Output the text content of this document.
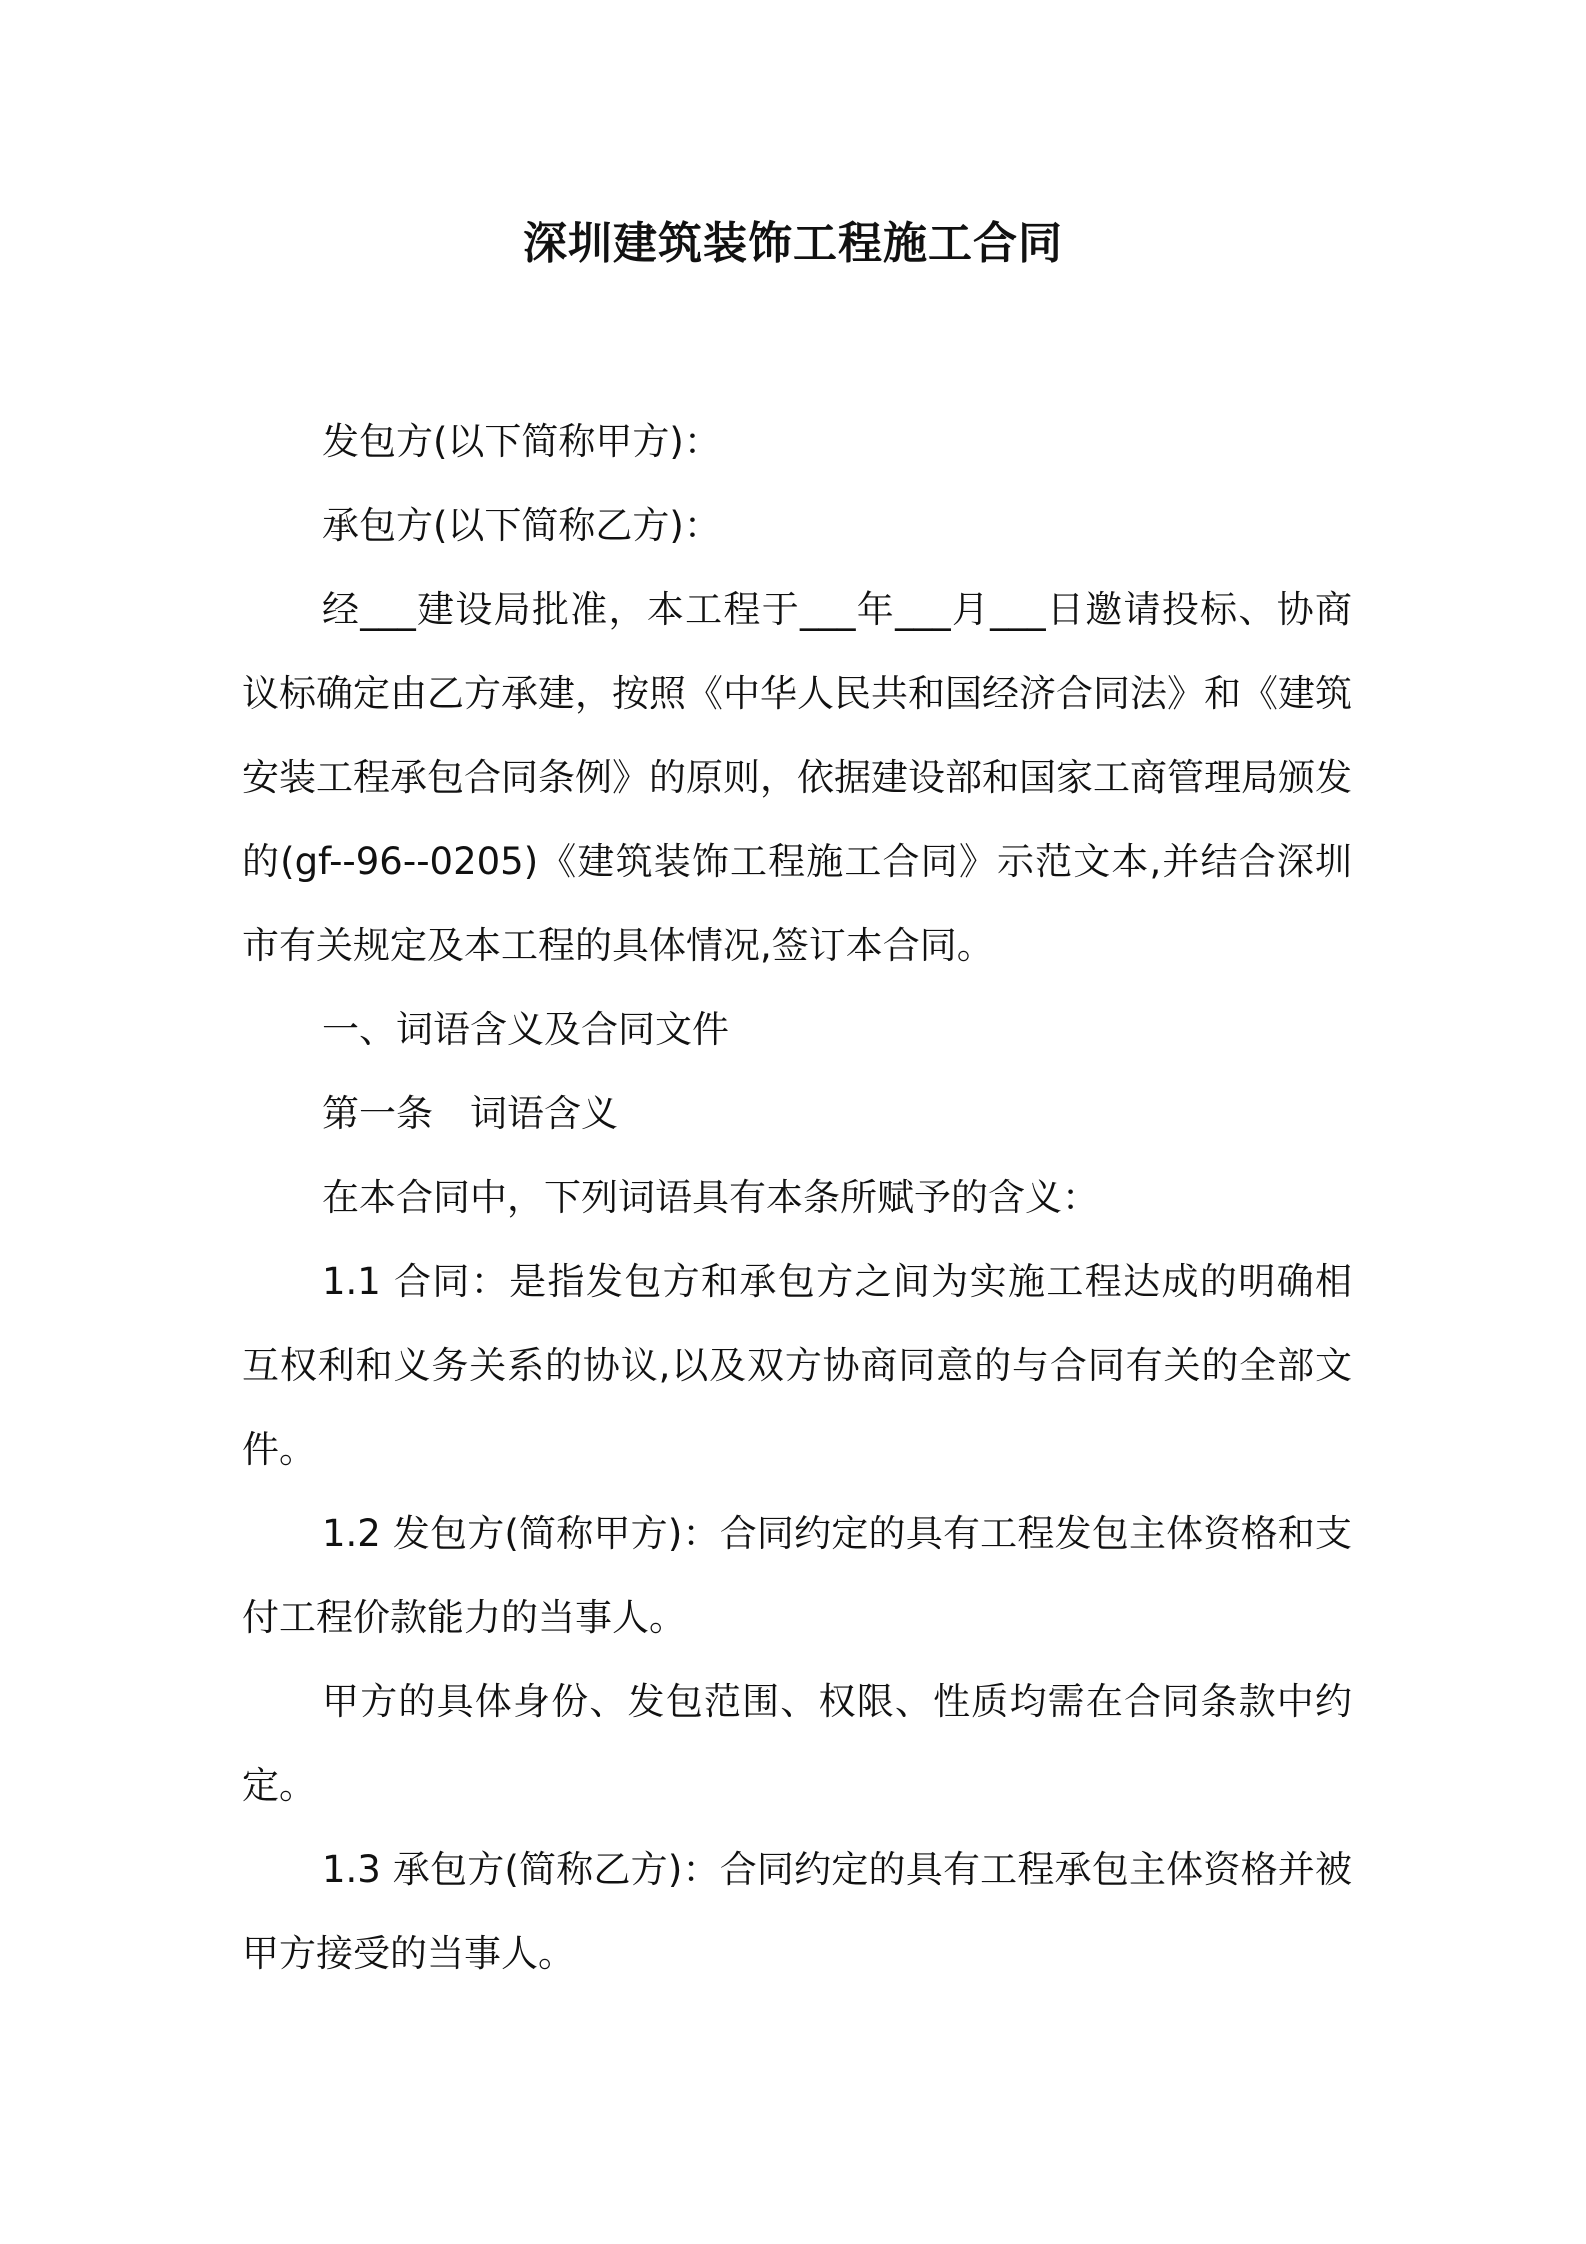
深圳建筑装饰工程施工合同

发包方(以下简称甲方)：

承包方(以下简称乙方)：

经___建设局批准，本工程于___年___月___日邀请投标、协商议标确定由乙方承建，按照《中华人民共和国经济合同法》和《建筑安装工程承包合同条例》的原则，依据建设部和国家工商管理局颁发的(gf--96--0205)《建筑装饰工程施工合同》示范文本,并结合深圳市有关规定及本工程的具体情况,签订本合同。

一、词语含义及合同文件

第一条　词语含义

在本合同中，下列词语具有本条所赋予的含义：

1.1 合同：是指发包方和承包方之间为实施工程达成的明确相互权利和义务关系的协议,以及双方协商同意的与合同有关的全部文件。

1.2 发包方(简称甲方)：合同约定的具有工程发包主体资格和支付工程价款能力的当事人。

甲方的具体身份、发包范围、权限、性质均需在合同条款中约定。

1.3 承包方(简称乙方)：合同约定的具有工程承包主体资格并被甲方接受的当事人。
